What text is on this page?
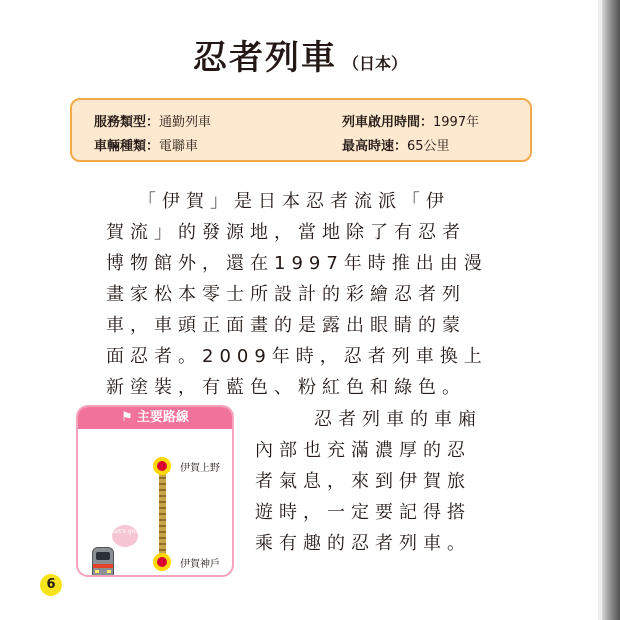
忍者列車 （日本）
服務類型：通勤列車	列車啟用時間：1997年
車輛種類：電聯車	最高時速：65公里
「伊賀」是日本忍者流派「伊
賀流」的發源地，當地除了有忍者
博物館外，還在1997年時推出由漫
畫家松本零士所設計的彩繪忍者列
車，車頭正面畫的是露出眼睛的蒙
面忍者。2009年時，忍者列車換上
新塗裝，有藍色、粉紅色和綠色。
忍者列車的車廂
內部也充滿濃厚的忍
者氣息，來到伊賀旅
遊時，一定要記得搭
乘有趣的忍者列車。
⚑ 主要路線
伊賀上野
伊賀神戶
Let's go!
6
